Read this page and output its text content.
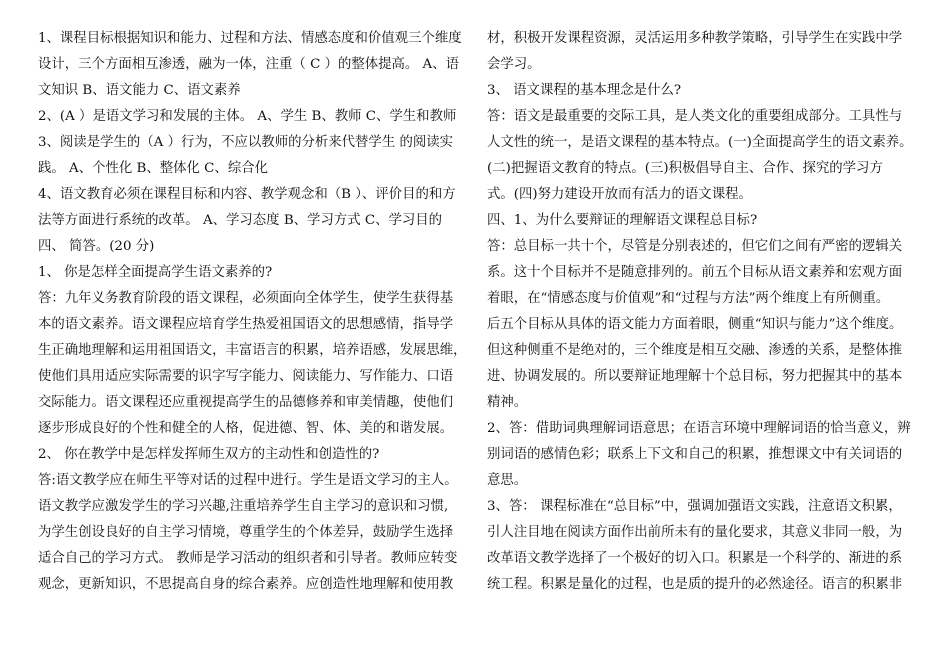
1、课程目标根据知识和能力、过程和方法、情感态度和价值观三个维度
设计，三个方面相互渗透，融为一体，注重（ C ）的整体提高。 A、语
文知识 B、语文能力 C、语文素养
2、(A ）是语文学习和发展的主体。 A、学生 B、教师 C、学生和教师
3、阅读是学生的（A ）行为，不应以教师的分析来代替学生 的阅读实
践。 A、个性化 B、整体化 C、综合化
4、语文教育必须在课程目标和内容、教学观念和（B ）、评价目的和方
法等方面进行系统的改革。 A、学习态度 B、学习方式 C、学习目的
四、 简答。(20 分)
1、 你是怎样全面提高学生语文素养的?
答：九年义务教育阶段的语文课程，必须面向全体学生，使学生获得基
本的语文素养。语文课程应培育学生热爱祖国语文的思想感情，指导学
生正确地理解和运用祖国语文，丰富语言的积累，培养语感，发展思维，
使他们具用适应实际需要的识字写字能力、阅读能力、写作能力、口语
交际能力。语文课程还应重视提高学生的品德修养和审美情趣，使他们
逐步形成良好的个性和健全的人格，促进德、智、体、美的和谐发展。
2、 你在教学中是怎样发挥师生双方的主动性和创造性的?
答:语文教学应在师生平等对话的过程中进行。学生是语文学习的主人。
语文教学应激发学生的学习兴趣,注重培养学生自主学习的意识和习惯,
为学生创设良好的自主学习情境，尊重学生的个体差异，鼓励学生选择
适合自己的学习方式。 教师是学习活动的组织者和引导者。教师应转变
观念，更新知识，不思提高自身的综合素养。应创造性地理解和使用教
材，积极开发课程资源，灵活运用多种教学策略，引导学生在实践中学
会学习。
3、 语文课程的基本理念是什么?
答：语文是最重要的交际工具，是人类文化的重要组成部分。工具性与
人文性的统一，是语文课程的基本特点。(一)全面提高学生的语文素养。
(二)把握语文教育的特点。(三)积极倡导自主、合作、探究的学习方
式。(四)努力建设开放而有活力的语文课程。
四、1、为什么要辩证的理解语文课程总目标?
答：总目标一共十个，尽管是分别表述的，但它们之间有严密的逻辑关
系。这十个目标并不是随意排列的。前五个目标从语文素养和宏观方面
着眼，在“情感态度与价值观”和“过程与方法”两个维度上有所侧重。
后五个目标从具体的语文能力方面着眼，侧重“知识与能力”这个维度。
但这种侧重不是绝对的，三个维度是相互交融、渗透的关系，是整体推
进、协调发展的。所以要辩证地理解十个总目标，努力把握其中的基本
精神。
2、答：借助词典理解词语意思；在语言环境中理解词语的恰当意义，辨
别词语的感情色彩；联系上下文和自己的积累，推想课文中有关词语的
意思。
3、答： 课程标准在“总目标”中，强调加强语文实践，注意语文积累，
引人注目地在阅读方面作出前所未有的量化要求，其意义非同一般，为
改革语文教学选择了一个极好的切入口。积累是一个科学的、渐进的系
统工程。积累是量化的过程，也是质的提升的必然途径。语言的积累非
